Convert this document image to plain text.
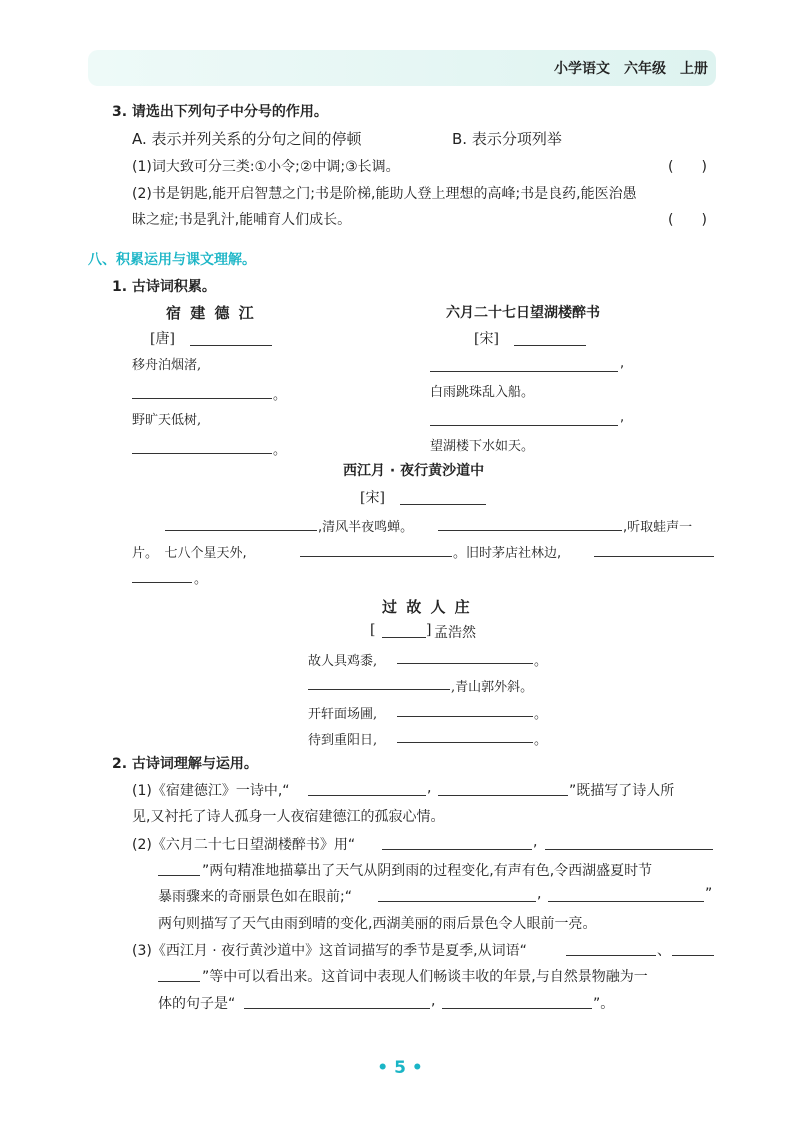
小学语文　六年级　上册
3. 请选出下列句子中分号的作用。
A. 表示并列关系的分句之间的停顿	B. 表示分项列举
(1)词大致可分三类:①小令;②中调;③长调。	(　　)
(2)书是钥匙,能开启智慧之门;书是阶梯,能助人登上理想的高峰;书是良药,能医治愚
昧之症;书是乳汁,能哺育人们成长。	(　　)
八、积累运用与课文理解。
1. 古诗词积累。
宿 建 德 江
[唐]
移舟泊烟渚,
。
野旷天低树,
。
六月二十七日望湖楼醉书
[宋]
,
白雨跳珠乱入船。
,
望湖楼下水如天。
西江月 · 夜行黄沙道中
[宋]
,清风半夜鸣蝉。	,听取蛙声一
片。　七八个星天外,	。旧时茅店社林边,
。
过 故 人 庄
[	] 孟浩然
故人具鸡黍,	。
,青山郭外斜。
开轩面场圃,	。
待到重阳日,	。
2. 古诗词理解与运用。
(1)《宿建德江》一诗中,“	,	”既描写了诗人所
见,又衬托了诗人孤身一人夜宿建德江的孤寂心情。
(2)《六月二十七日望湖楼醉书》用“	,
”两句精准地描摹出了天气从阴到雨的过程变化,有声有色,令西湖盛夏时节
暴雨骤来的奇丽景色如在眼前;“	,	”
两句则描写了天气由雨到晴的变化,西湖美丽的雨后景色令人眼前一亮。
(3)《西江月 · 夜行黄沙道中》这首词描写的季节是夏季,从词语“	、
”等中可以看出来。这首词中表现人们畅谈丰收的年景,与自然景物融为一
体的句子是“	,	”。
• 5 •
